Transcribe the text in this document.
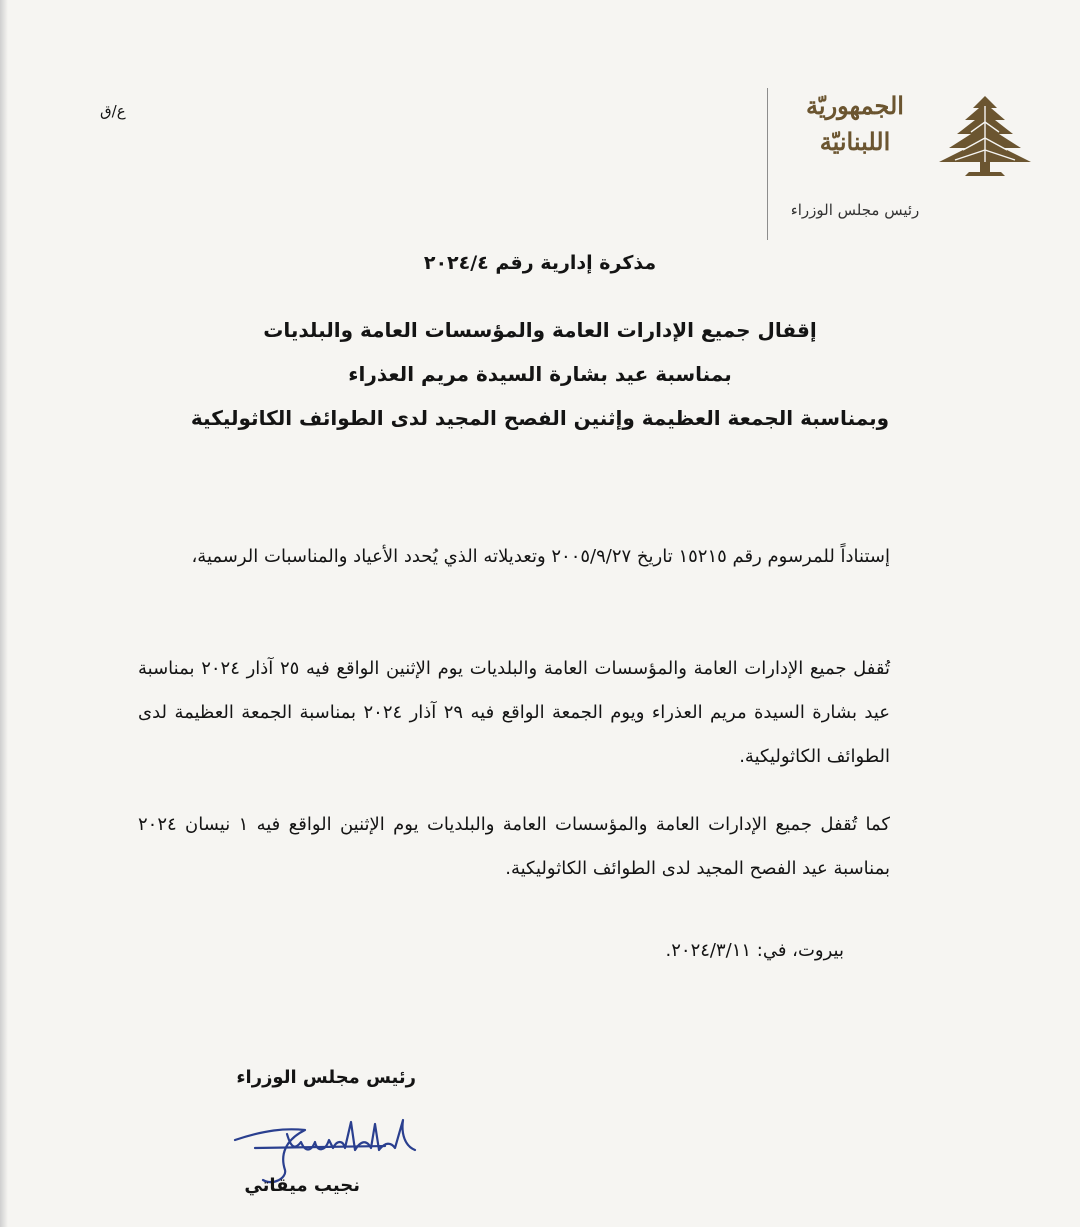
ع/ق	الجمهوريّة
اللبنانيّة
رئيس مجلس الوزراء
مذكرة إدارية رقم ٢٠٢٤/٤
إقفال جميع الإدارات العامة والمؤسسات العامة والبلديات
بمناسبة عيد بشارة السيدة مريم العذراء
وبمناسبة الجمعة العظيمة وإثنين الفصح المجيد لدى الطوائف الكاثوليكية
إستناداً للمرسوم رقم ١٥٢١٥ تاريخ ٢٠٠٥/٩/٢٧ وتعديلاته الذي يُحدد الأعياد والمناسبات الرسمية،
تُقفل جميع الإدارات العامة والمؤسسات العامة والبلديات يوم الإثنين الواقع فيه ٢٥ آذار ٢٠٢٤ بمناسبة عيد بشارة السيدة مريم العذراء ويوم الجمعة الواقع فيه ٢٩ آذار ٢٠٢٤ بمناسبة الجمعة العظيمة لدى الطوائف الكاثوليكية.
كما تُقفل جميع الإدارات العامة والمؤسسات العامة والبلديات يوم الإثنين الواقع فيه ١ نيسان ٢٠٢٤ بمناسبة عيد الفصح المجيد لدى الطوائف الكاثوليكية.
بيروت، في: ٢٠٢٤/٣/١١.
رئيس مجلس الوزراء
نجيب ميقاتي
